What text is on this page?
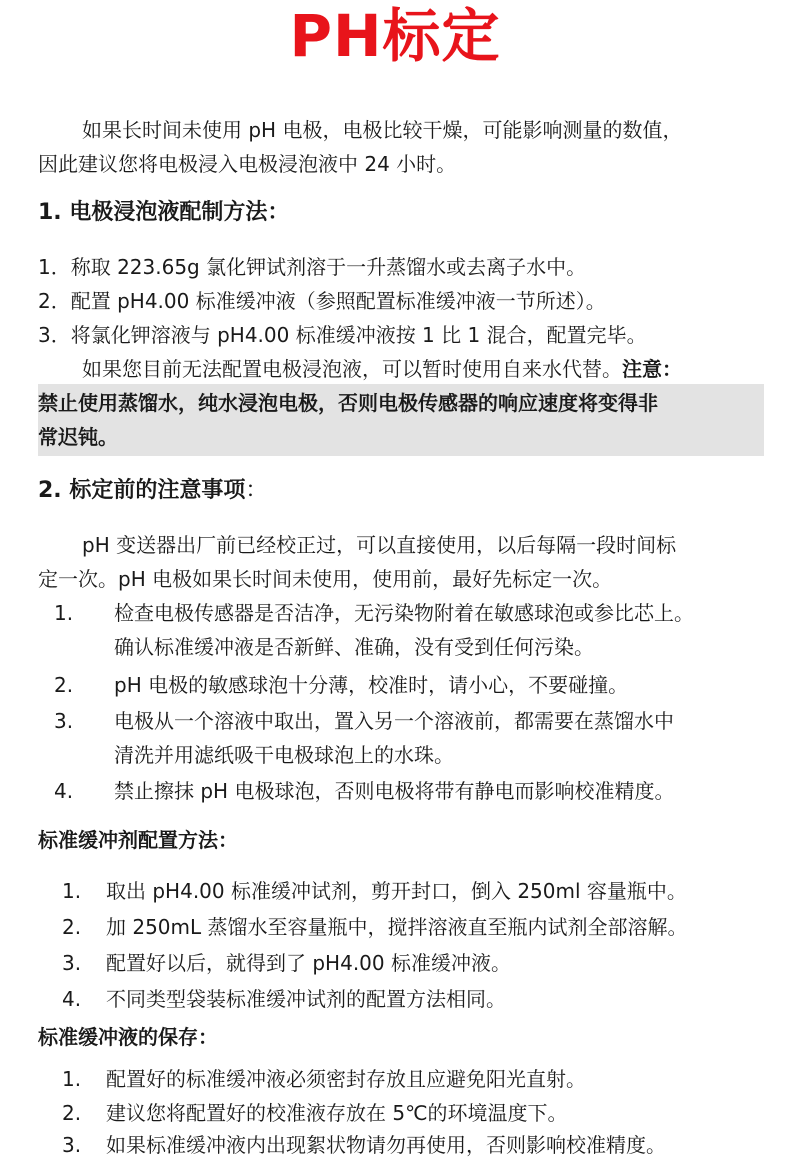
PH标定
如果长时间未使用 pH 电极，电极比较干燥，可能影响测量的数值，
因此建议您将电极浸入电极浸泡液中 24 小时。
1. 电极浸泡液配制方法：
1．称取 223.65g 氯化钾试剂溶于一升蒸馏水或去离子水中。
2．配置 pH4.00 标准缓冲液（参照配置标准缓冲液一节所述）。
3．将氯化钾溶液与 pH4.00 标准缓冲液按 1 比 1 混合，配置完毕。
如果您目前无法配置电极浸泡液，可以暂时使用自来水代替。注意：
禁止使用蒸馏水，纯水浸泡电极，否则电极传感器的响应速度将变得非
常迟钝。
2. 标定前的注意事项：
pH 变送器出厂前已经校正过，可以直接使用，以后每隔一段时间标
定一次。pH 电极如果长时间未使用，使用前，最好先标定一次。
1. 检查电极传感器是否洁净，无污染物附着在敏感球泡或参比芯上。
确认标准缓冲液是否新鲜、准确，没有受到任何污染。
2. pH 电极的敏感球泡十分薄，校准时，请小心，不要碰撞。
3. 电极从一个溶液中取出，置入另一个溶液前，都需要在蒸馏水中
清洗并用滤纸吸干电极球泡上的水珠。
4. 禁止擦抹 pH 电极球泡，否则电极将带有静电而影响校准精度。
标准缓冲剂配置方法：
1. 取出 pH4.00 标准缓冲试剂，剪开封口，倒入 250ml 容量瓶中。
2. 加 250mL 蒸馏水至容量瓶中，搅拌溶液直至瓶内试剂全部溶解。
3. 配置好以后，就得到了 pH4.00 标准缓冲液。
4. 不同类型袋装标准缓冲试剂的配置方法相同。
标准缓冲液的保存：
1. 配置好的标准缓冲液必须密封存放且应避免阳光直射。
2. 建议您将配置好的校准液存放在 5℃的环境温度下。
3. 如果标准缓冲液内出现絮状物请勿再使用，否则影响校准精度。
